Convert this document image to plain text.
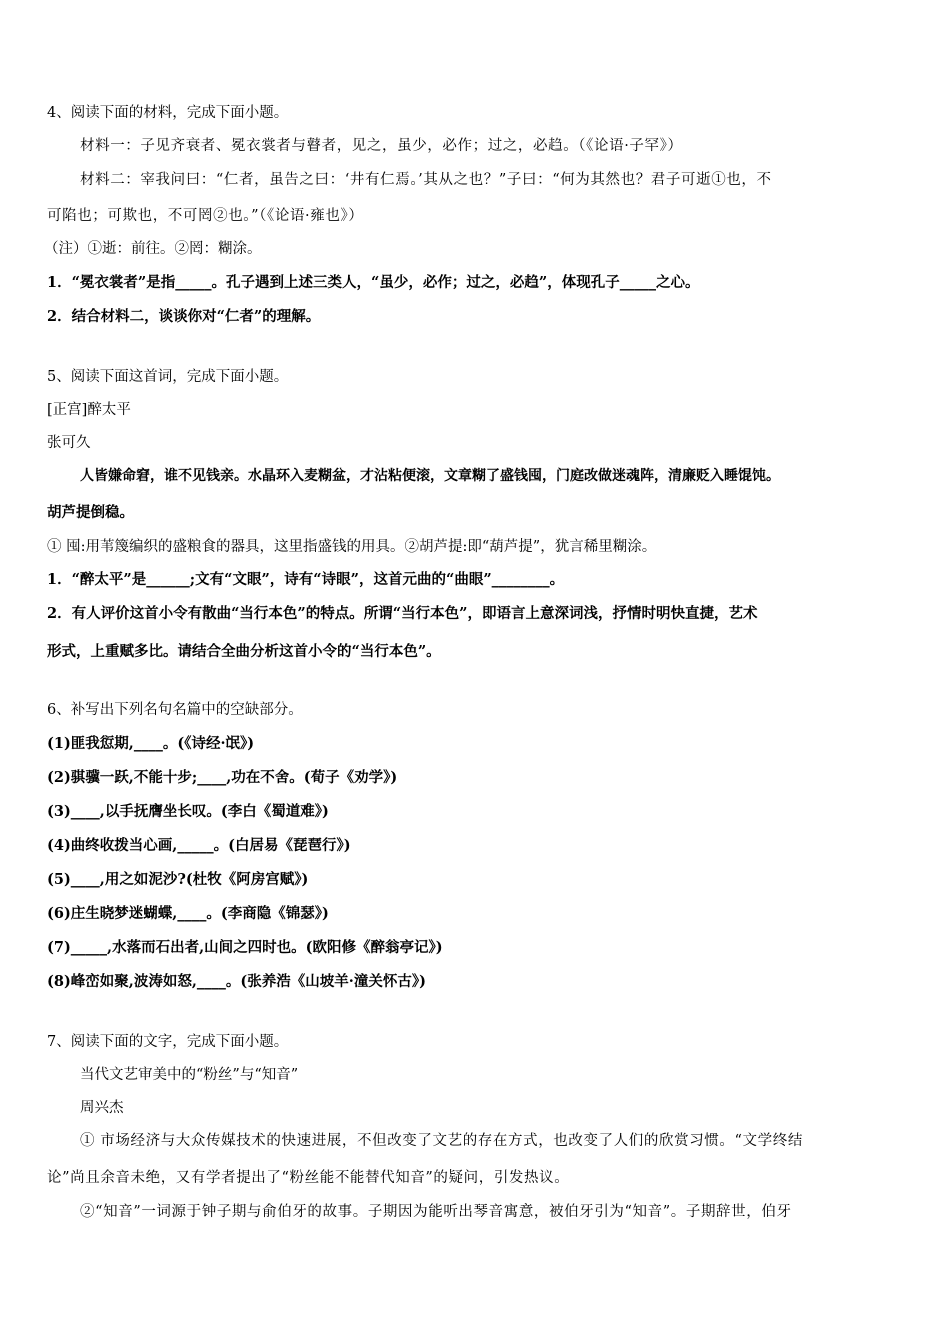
4、阅读下面的材料，完成下面小题。
材料一：子见齐衰者、冕衣裳者与瞽者，见之，虽少，必作；过之，必趋。（《论语·子罕》）
材料二：宰我问曰：“仁者，虽告之曰：‘井有仁焉。’其从之也？”子曰：“何为其然也？君子可逝①也，不
可陷也；可欺也，不可罔②也。”（《论语·雍也》）
（注）①逝：前往。②罔：糊涂。
1．“冕衣裳者”是指_____。孔子遇到上述三类人，“虽少，必作；过之，必趋”，体现孔子_____之心。
2．结合材料二，谈谈你对“仁者”的理解。
5、阅读下面这首词，完成下面小题。
[正宫]醉太平
张可久
人皆嫌命窘，谁不见钱亲。水晶环入麦糊盆，才沾粘便滚，文章糊了盛钱囤，门庭改做迷魂阵，清廉贬入睡馄饨。
胡芦提倒稳。
① 囤:用苇篾编织的盛粮食的器具，这里指盛钱的用具。②胡芦提:即“葫芦提”，犹言稀里糊涂。
1．“醉太平”是______;文有“文眼”，诗有“诗眼”，这首元曲的“曲眼”________。
2．有人评价这首小令有散曲“当行本色”的特点。所谓“当行本色”，即语言上意深词浅，抒情时明快直捷，艺术
形式，上重赋多比。请结合全曲分析这首小令的“当行本色”。
6、补写出下列名句名篇中的空缺部分。
(1)匪我愆期,____。(《诗经·氓》)
(2)骐骥一跃,不能十步;____,功在不舍。(荀子《劝学》)
(3)____,以手抚膺坐长叹。(李白《蜀道难》)
(4)曲终收拨当心画,_____。(白居易《琵琶行》)
(5)____,用之如泥沙?(杜牧《阿房宫赋》)
(6)庄生晓梦迷蝴蝶,____。(李商隐《锦瑟》)
(7)_____,水落而石出者,山间之四时也。(欧阳修《醉翁亭记》)
(8)峰峦如聚,波涛如怒,____。(张养浩《山坡羊·潼关怀古》)
7、阅读下面的文字，完成下面小题。
当代文艺审美中的“粉丝”与“知音”
周兴杰
① 市场经济与大众传媒技术的快速进展，不但改变了文艺的存在方式，也改变了人们的欣赏习惯。“文学终结
论”尚且余音未绝，又有学者提出了“粉丝能不能替代知音”的疑问，引发热议。
②“知音”一词源于钟子期与俞伯牙的故事。子期因为能听出琴音寓意，被伯牙引为“知音”。子期辞世，伯牙
